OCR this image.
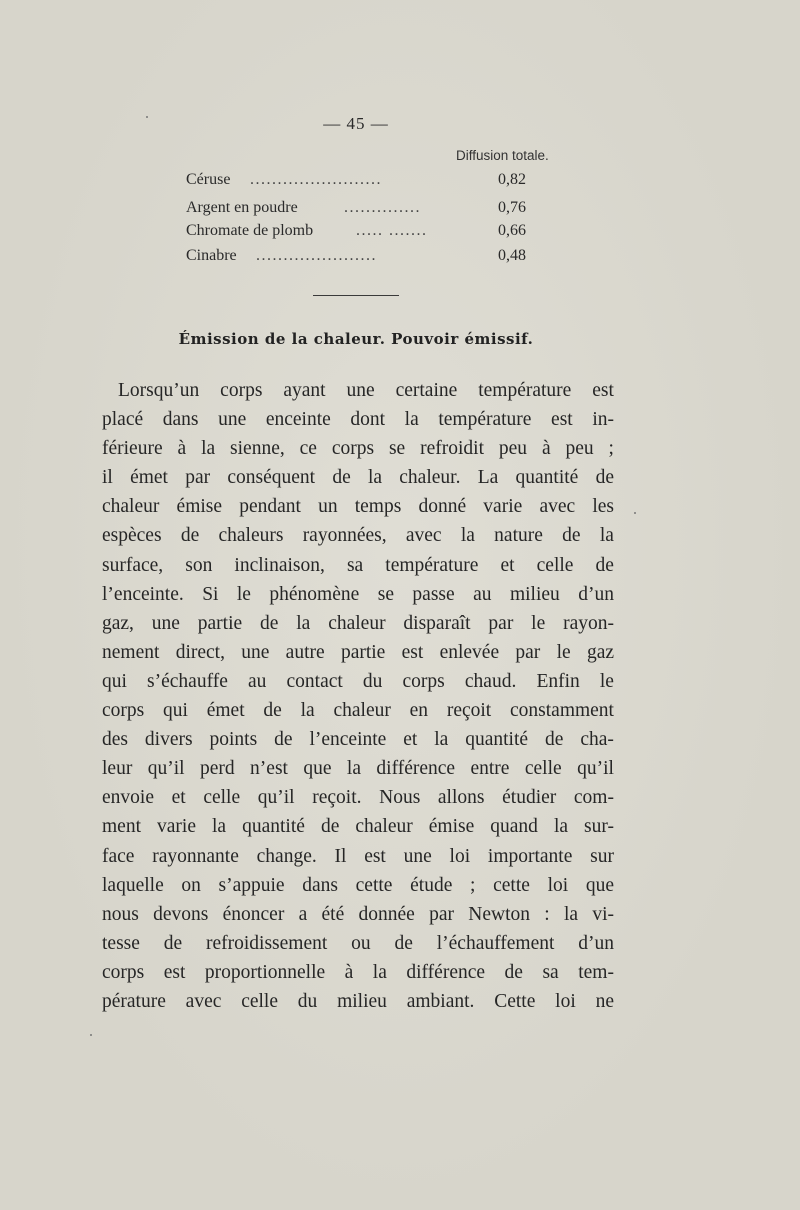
— 45 —
Diffusion totale.
Céruse ........................	0,82
Argent en poudre	..............	0,76
Chromate de plomb	..... .......	0,66
Cinabre ......................	0,48
Émission de la chaleur. Pouvoir émissif.
Lorsqu’un corps ayant une certaine température est
placé dans une enceinte dont la température est in-
férieure à la sienne, ce corps se refroidit peu à peu ;
il émet par conséquent de la chaleur. La quantité de
chaleur émise pendant un temps donné varie avec les
espèces de chaleurs rayonnées, avec la nature de la
surface, son inclinaison, sa température et celle de
l’enceinte. Si le phénomène se passe au milieu d’un
gaz, une partie de la chaleur disparaît par le rayon-
nement direct, une autre partie est enlevée par le gaz
qui s’échauffe au contact du corps chaud. Enfin le
corps qui émet de la chaleur en reçoit constamment
des divers points de l’enceinte et la quantité de cha-
leur qu’il perd n’est que la différence entre celle qu’il
envoie et celle qu’il reçoit. Nous allons étudier com-
ment varie la quantité de chaleur émise quand la sur-
face rayonnante change. Il est une loi importante sur
laquelle on s’appuie dans cette étude ; cette loi que
nous devons énoncer a été donnée par Newton : la vi-
tesse de refroidissement ou de l’échauffement d’un
corps est proportionnelle à la différence de sa tem-
pérature avec celle du milieu ambiant. Cette loi ne
